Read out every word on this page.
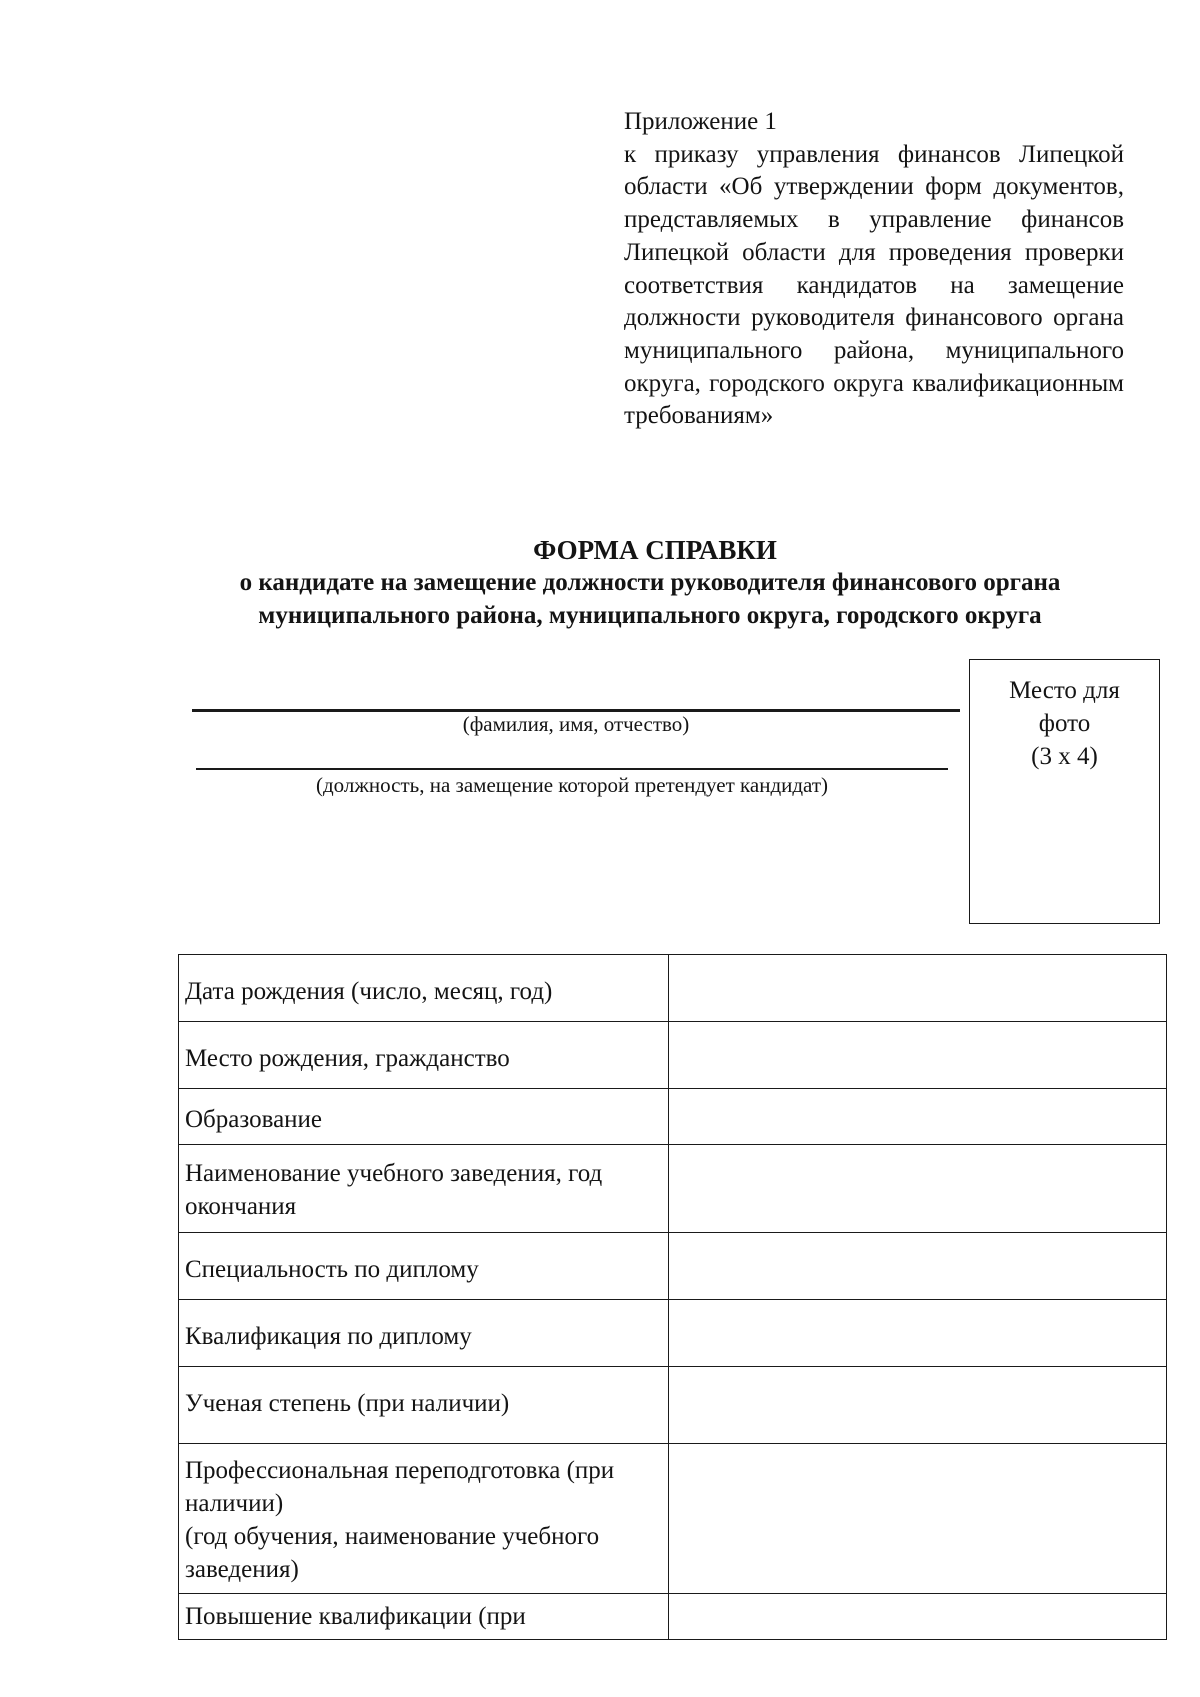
Приложение 1
к приказу управления финансов Липецкой области «Об утверждении форм документов, представляемых в управление финансов Липецкой области для проведения проверки соответствия кандидатов на замещение должности руководителя финансового органа муниципального района, муниципального округа, городского округа квалификационным требованиям»
ФОРМА СПРАВКИ
о кандидате на замещение должности руководителя финансового органа муниципального района, муниципального округа, городского округа
(фамилия, имя, отчество)
(должность, на замещение которой претендует кандидат)
Место для
фото
(3 х 4)
Дата рождения (число, месяц, год)	
Место рождения, гражданство	
Образование	
Наименование учебного заведения, год окончания	
Специальность по диплому	
Квалификация по диплому	
Ученая степень (при наличии)	
Профессиональная переподготовка (при наличии)
(год обучения, наименование учебного заведения)	
Повышение квалификации (при	
